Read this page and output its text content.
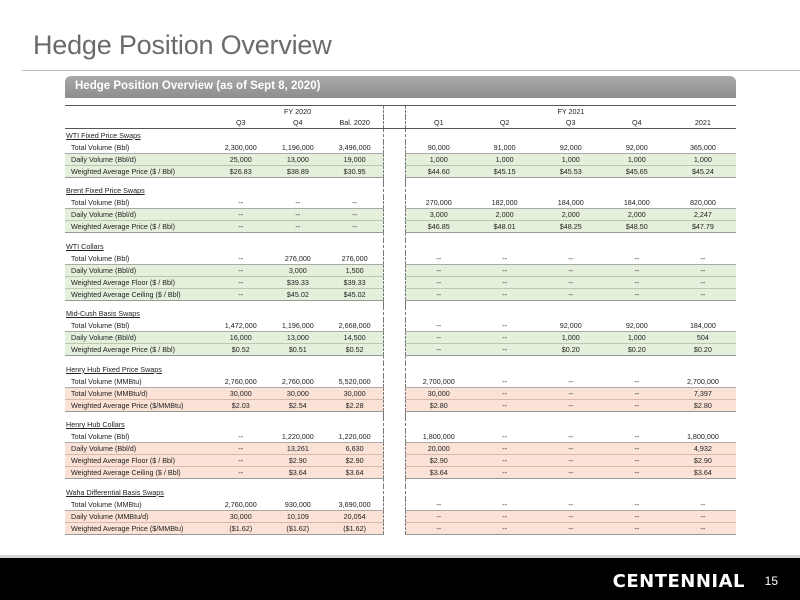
Hedge Position Overview
Hedge Position Overview (as of Sept 8, 2020)
	FY 2020				FY 2021				
	Q3	Q4	Bal. 2020		Q1	Q2	Q3	Q4	2021
WTI Fixed Price Swaps									
Total Volume (Bbl)	2,300,000	1,196,000	3,496,000		90,000	91,000	92,000	92,000	365,000
Daily Volume (Bbl/d)	25,000	13,000	19,000		1,000	1,000	1,000	1,000	1,000
Weighted Average Price ($ / Bbl)	$26.83	$38.89	$30.95		$44.60	$45.15	$45.53	$45.65	$45.24

Brent Fixed Price Swaps									
Total Volume (Bbl)	--	--	--		270,000	182,000	184,000	184,000	820,000
Daily Volume (Bbl/d)	--	--	--		3,000	2,000	2,000	2,000	2,247
Weighted Average Price ($ / Bbl)	--	--	--		$46.85	$48.01	$48.25	$48.50	$47.79

WTI Collars									
Total Volume (Bbl)	--	276,000	276,000		--	--	--	--	--
Daily Volume (Bbl/d)	--	3,000	1,500		--	--	--	--	--
Weighted Average Floor ($ / Bbl)	--	$39.33	$39.33		--	--	--	--	--
Weighted Average Ceiling ($ / Bbl)	--	$45.02	$45.02		--	--	--	--	--

Mid-Cush Basis Swaps									
Total Volume (Bbl)	1,472,000	1,196,000	2,668,000		--	--	92,000	92,000	184,000
Daily Volume (Bbl/d)	16,000	13,000	14,500		--	--	1,000	1,000	504
Weighted Average Price ($ / Bbl)	$0.52	$0.51	$0.52		--	--	$0.20	$0.20	$0.20

Henry Hub Fixed Price Swaps									
Total Volume (MMBtu)	2,760,000	2,760,000	5,520,000		2,700,000	--	--	--	2,700,000
Total Volume (MMBtu/d)	30,000	30,000	30,000		30,000	--	--	--	7,397
Weighted Average Price ($/MMBtu)	$2.03	$2.54	$2.28		$2.80	--	--	--	$2.80

Henry Hub Collars									
Total Volume (Bbl)	--	1,220,000	1,220,000		1,800,000	--	--	--	1,800,000
Daily Volume (Bbl/d)	--	13,261	6,630		20,000	--	--	--	4,932
Weighted Average Floor ($ / Bbl)	--	$2.90	$2.90		$2.90	--	--	--	$2.90
Weighted Average Ceiling ($ / Bbl)	--	$3.64	$3.64		$3.64	--	--	--	$3.64

Waha Differential Basis Swaps									
Total Volume (MMBtu)	2,760,000	930,000	3,690,000		--	--	--	--	--
Daily Volume (MMBtu/d)	30,000	10,109	20,054		--	--	--	--	--
Weighted Average Price ($/MMBtu)	($1.62)	($1.62)	($1.62)		--	--	--	--	--
CENTENNIAL 15
